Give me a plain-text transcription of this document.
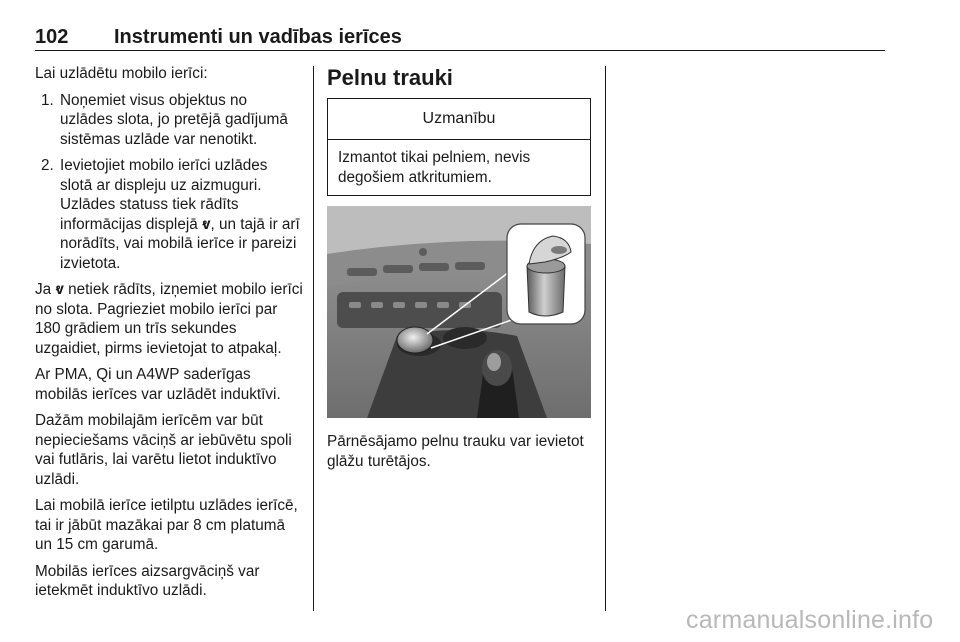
102 Instrumenti un vadības ierīces

Lai uzlādētu mobilo ierīci:

1. Noņemiet visus objektus no uzlādes slota, jo pretējā gadījumā sistēmas uzlāde var nenotikt.
2. Ievietojiet mobilo ierīci uzlādes slotā ar displeju uz aizmuguri. Uzlādes statuss tiek rādīts informācijas displejā ⱴ, un tajā ir arī norādīts, vai mobilā ierīce ir pareizi izvietota.

Ja ⱴ netiek rādīts, izņemiet mobilo ierīci no slota. Pagrieziet mobilo ierīci par 180 grādiem un trīs sekundes uzgaidiet, pirms ievietojat to atpakaļ.

Ar PMA, Qi un A4WP saderīgas mobilās ierīces var uzlādēt induktīvi.

Dažām mobilajām ierīcēm var būt nepieciešams vāciņš ar iebūvētu spoli vai futlāris, lai varētu lietot induktīvo uzlādi.

Lai mobilā ierīce ietilptu uzlādes ierīcē, tai ir jābūt mazākai par 8 cm platumā un 15 cm garumā.

Mobilās ierīces aizsargvāciņš var ietekmēt induktīvo uzlādi.

Pelnu trauki
Uzmanību
Izmantot tikai pelniem, nevis degošiem atkritumiem.

Pārnēsājamo pelnu trauku var ievietot glāžu turētājos.

carmanualsonline.info
